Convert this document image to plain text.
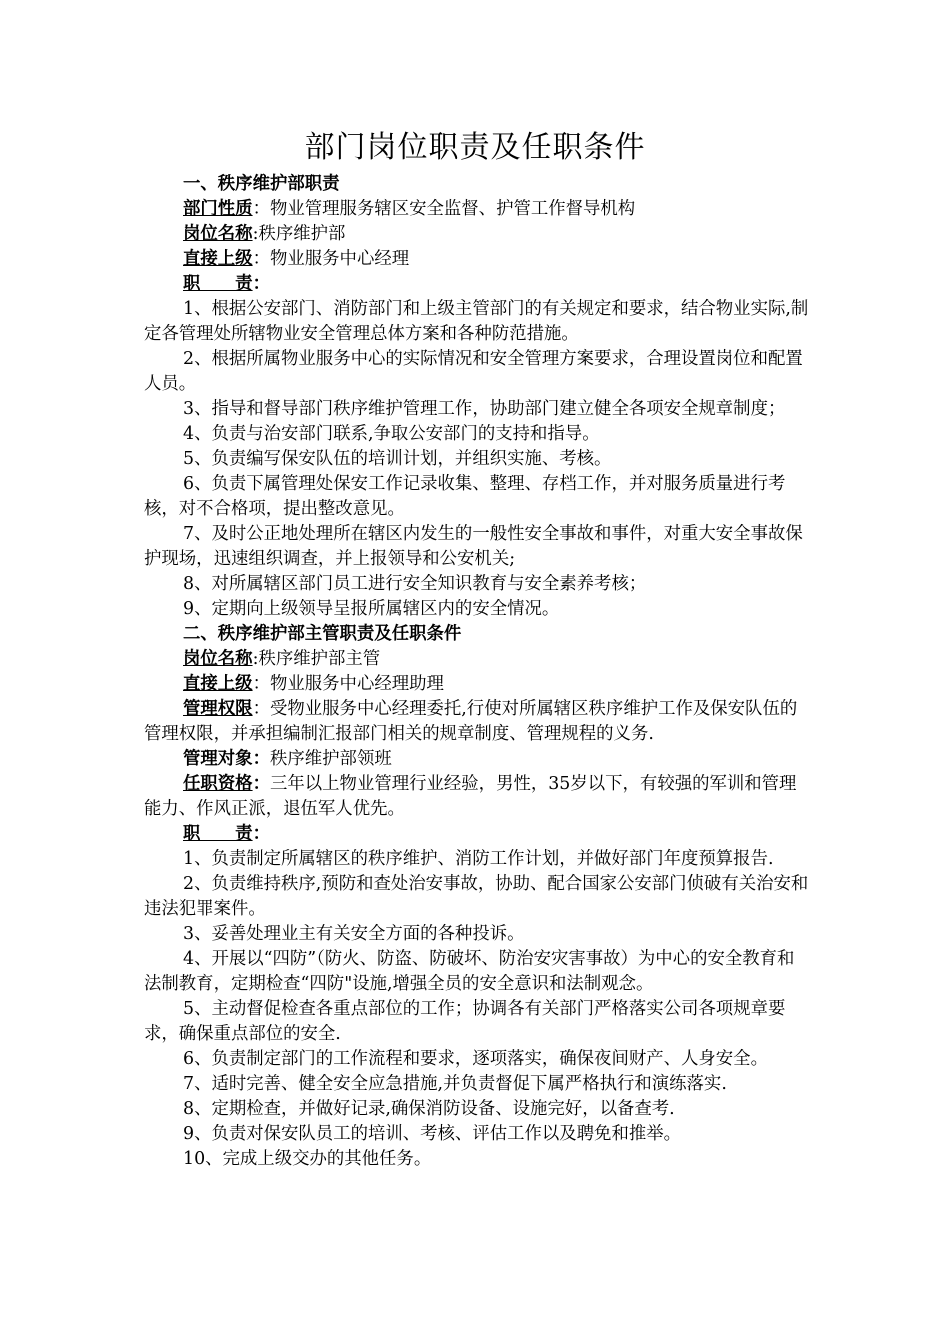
部门岗位职责及任职条件

一、秩序维护部职责

部门性质：物业管理服务辖区安全监督、护管工作督导机构

岗位名称:秩序维护部

直接上级：物业服务中心经理

职　　责：

1、根据公安部门、消防部门和上级主管部门的有关规定和要求，结合物业实际,制定各管理处所辖物业安全管理总体方案和各种防范措施。

2、根据所属物业服务中心的实际情况和安全管理方案要求，合理设置岗位和配置人员。

3、指导和督导部门秩序维护管理工作，协助部门建立健全各项安全规章制度；

4、负责与治安部门联系,争取公安部门的支持和指导。

5、负责编写保安队伍的培训计划，并组织实施、考核。

6、负责下属管理处保安工作记录收集、整理、存档工作，并对服务质量进行考核，对不合格项，提出整改意见。

7、及时公正地处理所在辖区内发生的一般性安全事故和事件，对重大安全事故保护现场，迅速组织调查，并上报领导和公安机关;

8、对所属辖区部门员工进行安全知识教育与安全素养考核；

9、定期向上级领导呈报所属辖区内的安全情况。

二、秩序维护部主管职责及任职条件

岗位名称:秩序维护部主管

直接上级：物业服务中心经理助理

管理权限：受物业服务中心经理委托,行使对所属辖区秩序维护工作及保安队伍的管理权限，并承担编制汇报部门相关的规章制度、管理规程的义务.

管理对象：秩序维护部领班

任职资格：三年以上物业管理行业经验，男性，35岁以下，有较强的军训和管理能力、作风正派，退伍军人优先。

职　　责：

1、负责制定所属辖区的秩序维护、消防工作计划，并做好部门年度预算报告.

2、负责维持秩序,预防和查处治安事故，协助、配合国家公安部门侦破有关治安和违法犯罪案件。

3、妥善处理业主有关安全方面的各种投诉。

4、开展以“四防”（防火、防盗、防破坏、防治安灾害事故）为中心的安全教育和法制教育，定期检查“四防"设施,增强全员的安全意识和法制观念。

5、主动督促检查各重点部位的工作；协调各有关部门严格落实公司各项规章要求，确保重点部位的安全.

6、负责制定部门的工作流程和要求，逐项落实，确保夜间财产、人身安全。

7、适时完善、健全安全应急措施,并负责督促下属严格执行和演练落实.

8、定期检查，并做好记录,确保消防设备、设施完好，以备查考.

9、负责对保安队员工的培训、考核、评估工作以及聘免和推举。

10、完成上级交办的其他任务。
